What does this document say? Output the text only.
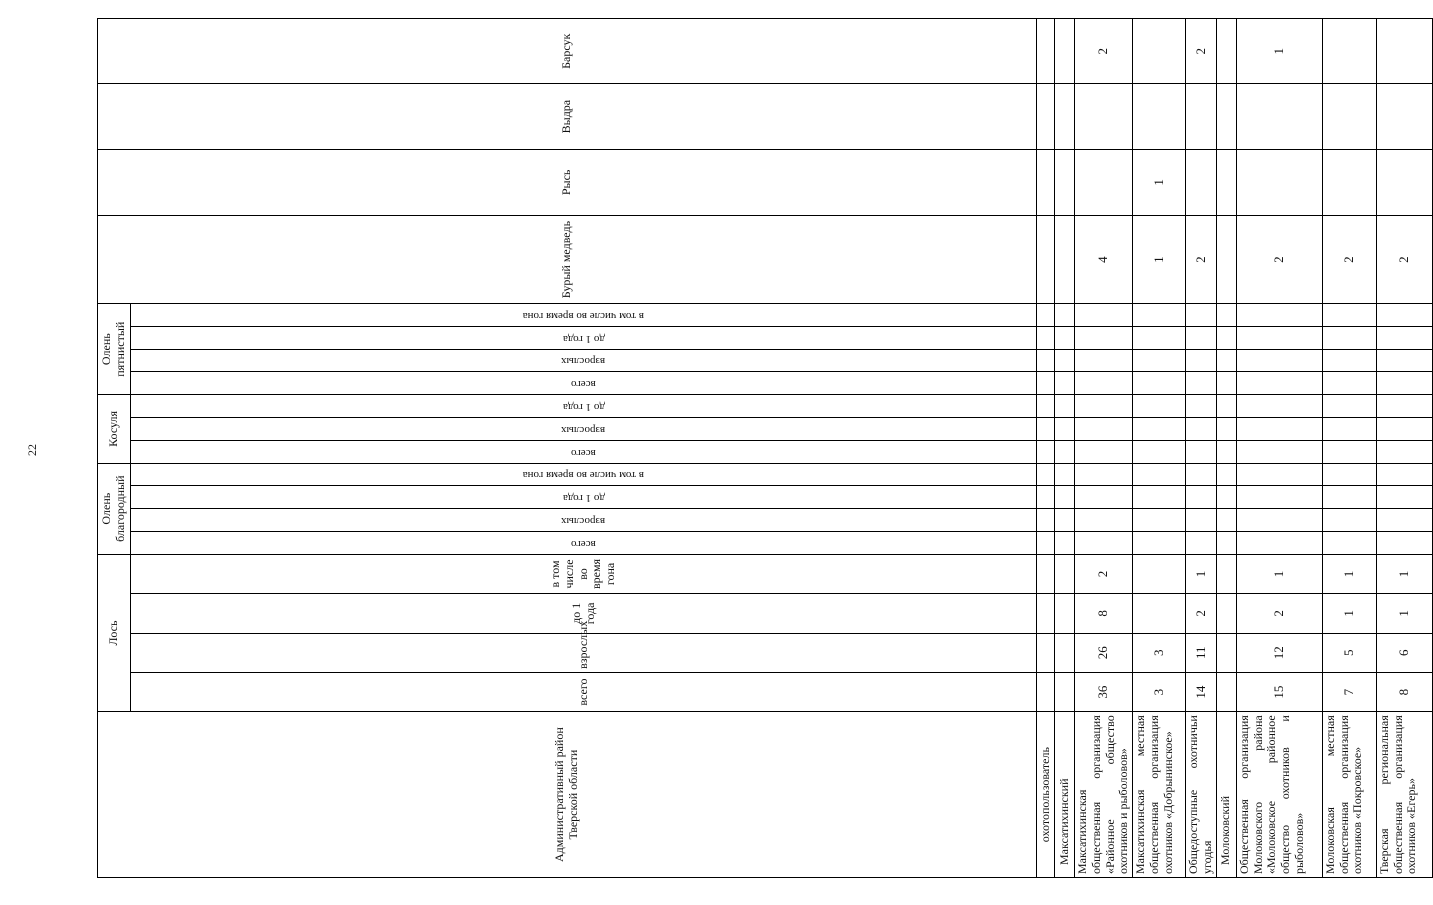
22
Административный район Тверской области	Лось				Олень благородный				Косуля			Олень пятнистый				Бурый медведь	Рысь	Выдра	Барсук
	всего	взрослых	до 1 года	в том числе во время гона	всего	взрослых	до 1 года	в том числе во время гона	всего	взрослых	до 1 года	всего	взрослых	до 1 года	в том числе во время гона				

охотопользователь																			
Максатихинский																			
Максатихинская общественная организация «Районное общество охотников и рыболовов»	36	26	8	2												4			2
Максатихинская местная общественная организация охотников «Добрынинское»	3	3														1	1		
Общедоступные охотничьи угодья	14	11	2	1												2			2
Молоковский																			
Общественная организация Молоковского района «Молоковское районное общество охотников и рыболовов»	15	12	2	1												2			1
Молоковская местная общественная организация охотников «Покровское»	7	5	1	1												2			
Тверская региональная общественная организация охотников «Егерь»	8	6	1	1												2			
